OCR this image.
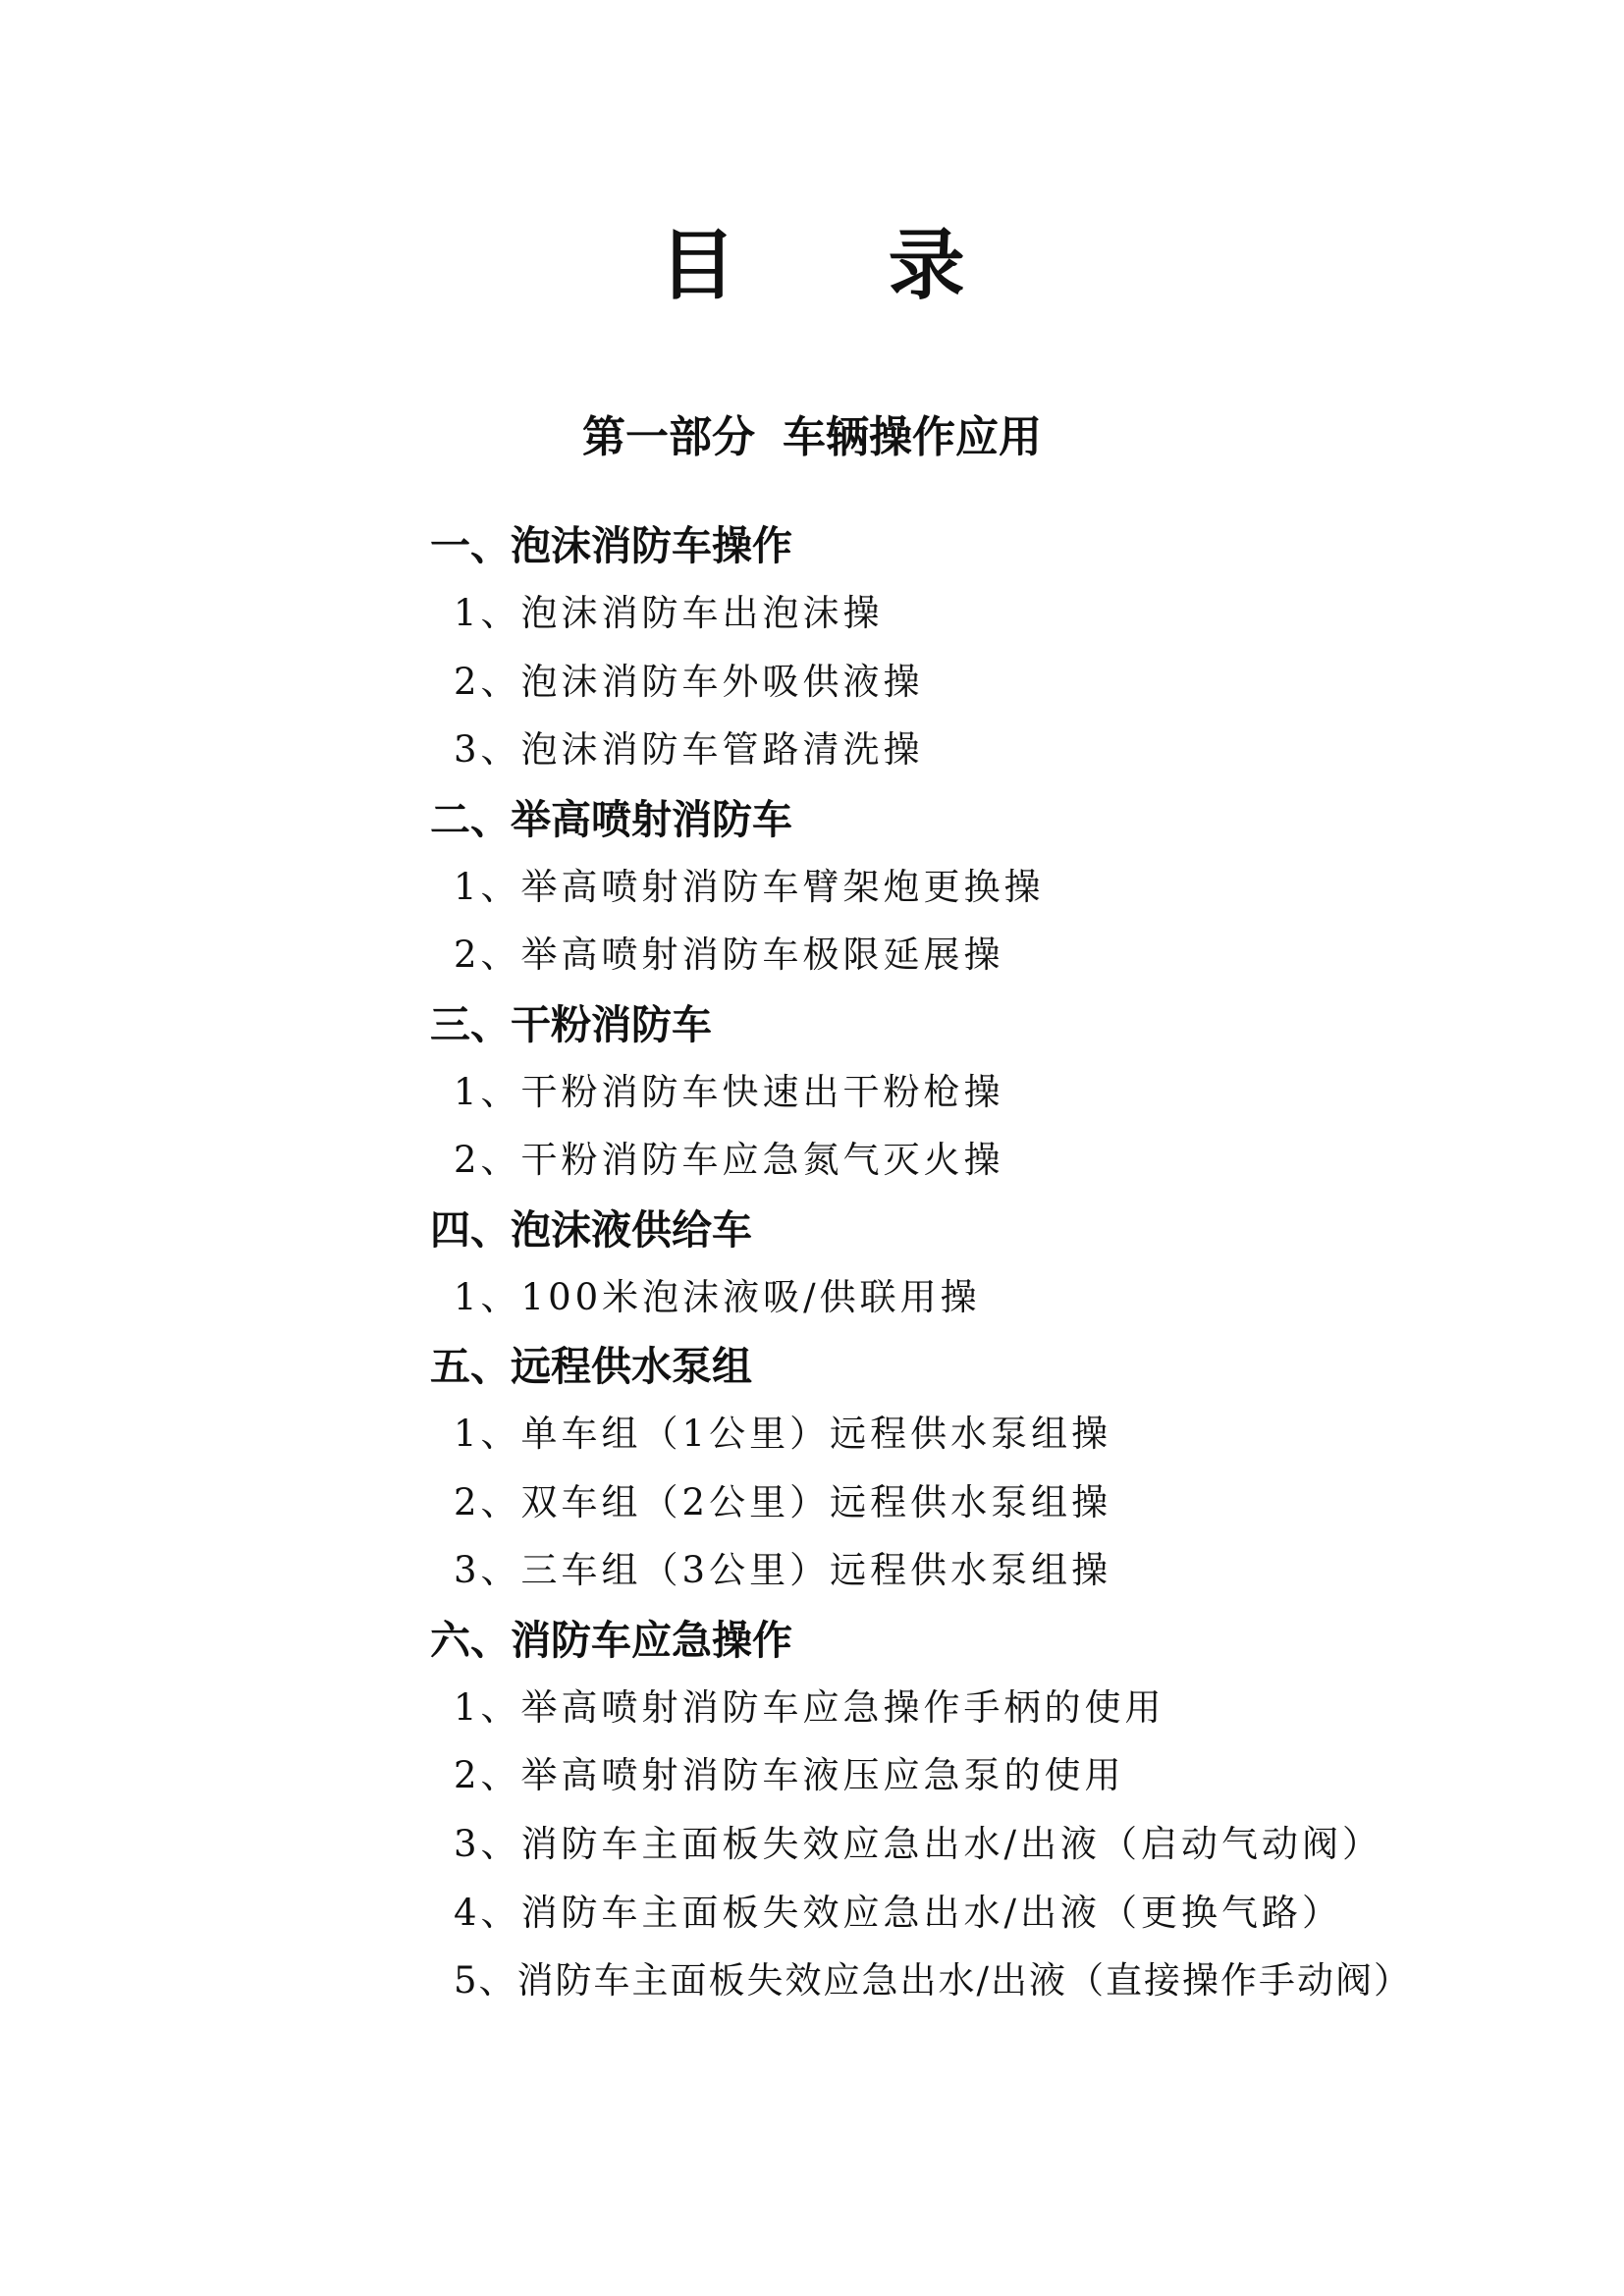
目 录
第一部分 车辆操作应用
一、泡沫消防车操作
1、泡沫消防车出泡沫操
2、泡沫消防车外吸供液操
3、泡沫消防车管路清洗操
二、举高喷射消防车
1、举高喷射消防车臂架炮更换操
2、举高喷射消防车极限延展操
三、干粉消防车
1、干粉消防车快速出干粉枪操
2、干粉消防车应急氮气灭火操
四、泡沫液供给车
1、100米泡沫液吸/供联用操
五、远程供水泵组
1、单车组（1公里）远程供水泵组操
2、双车组（2公里）远程供水泵组操
3、三车组（3公里）远程供水泵组操
六、消防车应急操作
1、举高喷射消防车应急操作手柄的使用
2、举高喷射消防车液压应急泵的使用
3、消防车主面板失效应急出水/出液（启动气动阀）
4、消防车主面板失效应急出水/出液（更换气路）
5、消防车主面板失效应急出水/出液（直接操作手动阀）
